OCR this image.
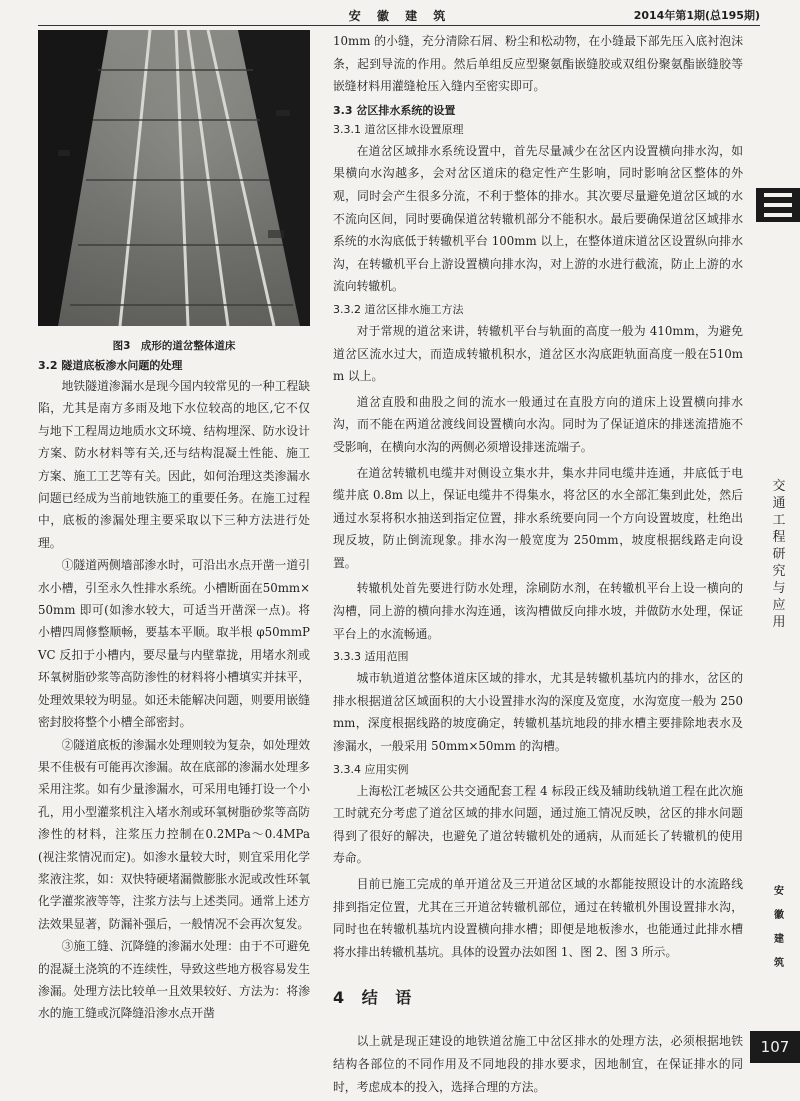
安 徽 建 筑	2014年第1期(总195期)
图3　成形的道岔整体道床
3.2 隧道底板渗水问题的处理

地铁隧道渗漏水是现今国内较常见的一种工程缺陷，尤其是南方多雨及地下水位较高的地区,它不仅与地下工程周边地质水文环境、结构埋深、防水设计方案、防水材料等有关,还与结构混凝土性能、施工方案、施工工艺等有关。因此，如何治理这类渗漏水问题已经成为当前地铁施工的重要任务。在施工过程中，底板的渗漏处理主要采取以下三种方法进行处理。

①隧道两侧墙部渗水时，可沿出水点开凿一道引水小槽，引至永久性排水系统。小槽断面在50mm×50mm 即可(如渗水较大，可适当开凿深一点)。将小槽四周修整顺畅，要基本平顺。取半根 φ50mmPVC 反扣于小槽内，要尽量与内壁靠拢，用堵水剂或环氧树脂砂浆等高防渗性的材料将小槽填实并抹平，处理效果较为明显。如还未能解决问题，则要用嵌缝密封胶将整个小槽全部密封。

②隧道底板的渗漏水处理则较为复杂，如处理效果不佳极有可能再次渗漏。故在底部的渗漏水处理多采用注浆。如有少量渗漏水，可采用电锤打设一个小孔，用小型灌浆机注入堵水剂或环氧树脂砂浆等高防渗性的材料，注浆压力控制在0.2MPa～0.4MPa(视注浆情况而定)。如渗水量较大时，则宜采用化学浆液注浆，如：双快特硬堵漏微膨胀水泥或改性环氧化学灌浆液等等，注浆方法与上述类同。通常上述方法效果显著，防漏补强后，一般情况不会再次复发。

③施工缝、沉降缝的渗漏水处理：由于不可避免的混凝土浇筑的不连续性，导致这些地方极容易发生渗漏。处理方法比较单一且效果较好、方法为：将渗水的施工缝或沉降缝沿渗水点开凿

10mm 的小缝，充分清除石屑、粉尘和松动物，在小缝最下部先压入底衬泡沫条，起到导流的作用。然后单组反应型聚氨酯嵌缝胶或双组份聚氨酯嵌缝胶等嵌缝材料用灌缝枪压入缝内至密实即可。

3.3 岔区排水系统的设置
3.3.1 道岔区排水设置原理

在道岔区域排水系统设置中，首先尽量减少在岔区内设置横向排水沟，如果横向水沟越多，会对岔区道床的稳定性产生影响，同时影响岔区整体的外观，同时会产生很多分流，不利于整体的排水。其次要尽量避免道岔区域的水不流向区间，同时要确保道岔转辙机部分不能积水。最后要确保道岔区域排水系统的水沟底低于转辙机平台 100mm 以上，在整体道床道岔区设置纵向排水沟，在转辙机平台上游设置横向排水沟，对上游的水进行截流，防止上游的水流向转辙机。

3.3.2 道岔区排水施工方法

对于常规的道岔来讲，转辙机平台与轨面的高度一般为 410mm，为避免道岔区流水过大，而造成转辙机积水，道岔区水沟底距轨面高度一般在510mm 以上。

道岔直股和曲股之间的流水一般通过在直股方向的道床上设置横向排水沟，而不能在两道岔渡线间设置横向水沟。同时为了保证道床的排迷流措施不受影响，在横向水沟的两侧必须增设排迷流端子。

在道岔转辙机电缆井对侧设立集水井，集水井同电缆井连通，井底低于电缆井底 0.8m 以上，保证电缆井不得集水，将岔区的水全部汇集到此处，然后通过水泵将积水抽送到指定位置，排水系统要向同一个方向设置坡度，杜绝出现反坡，防止倒流现象。排水沟一般宽度为 250mm，坡度根据线路走向设置。

转辙机处首先要进行防水处理，涂刷防水剂，在转辙机平台上设一横向的沟槽，同上游的横向排水沟连通，该沟槽做反向排水坡，并做防水处理，保证平台上的水流畅通。

3.3.3 适用范围

城市轨道道岔整体道床区域的排水，尤其是转辙机基坑内的排水，岔区的排水根据道岔区域面积的大小设置排水沟的深度及宽度，水沟宽度一般为 250mm，深度根据线路的坡度确定，转辙机基坑地段的排水槽主要排除地表水及渗漏水，一般采用 50mm×50mm 的沟槽。

3.3.4 应用实例

上海松江老城区公共交通配套工程 4 标段正线及辅助线轨道工程在此次施工时就充分考虑了道岔区域的排水问题，通过施工情况反映，岔区的排水问题得到了很好的解决，也避免了道岔转辙机处的通病，从而延长了转辙机的使用寿命。

目前已施工完成的单开道岔及三开道岔区域的水都能按照设计的水流路线排到指定位置，尤其在三开道岔转辙机部位，通过在转辙机外围设置排水沟，同时也在转辙机基坑内设置横向排水槽；即便是地板渗水，也能通过此排水槽将水排出转辙机基坑。具体的设置办法如图 1、图 2、图 3 所示。

4 结 语

以上就是现正建设的地铁道岔施工中岔区排水的处理方法，必须根据地铁结构各部位的不同作用及不同地段的排水要求，因地制宜，在保证排水的同时，考虑成本的投入，选择合理的方法。

交通工程研究与应用
安徽建筑
107
